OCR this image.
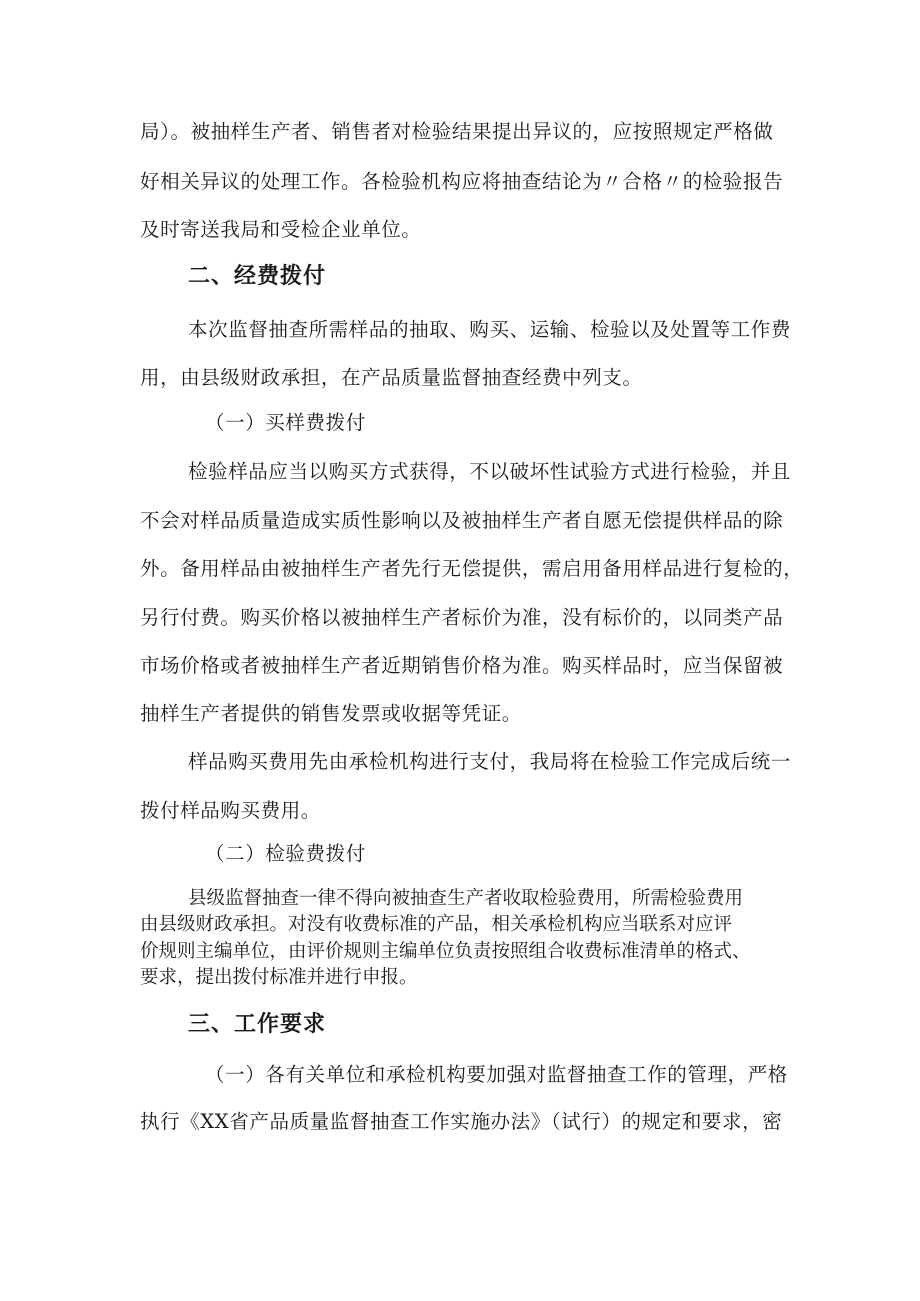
局）。被抽样生产者、销售者对检验结果提出异议的，应按照规定严格做
好相关异议的处理工作。各检验机构应将抽查结论为〃合格〃的检验报告
及时寄送我局和受检企业单位。
二、经费拨付
本次监督抽查所需样品的抽取、购买、运输、检验以及处置等工作费
用，由县级财政承担，在产品质量监督抽查经费中列支。
（一）买样费拨付
检验样品应当以购买方式获得，不以破坏性试验方式进行检验，并且
不会对样品质量造成实质性影响以及被抽样生产者自愿无偿提供样品的除
外。备用样品由被抽样生产者先行无偿提供，需启用备用样品进行复检的，
另行付费。购买价格以被抽样生产者标价为准，没有标价的，以同类产品
市场价格或者被抽样生产者近期销售价格为准。购买样品时，应当保留被
抽样生产者提供的销售发票或收据等凭证。
样品购买费用先由承检机构进行支付，我局将在检验工作完成后统一
拨付样品购买费用。
（二）检验费拨付
县级监督抽查一律不得向被抽查生产者收取检验费用，所需检验费用
由县级财政承担。对没有收费标准的产品，相关承检机构应当联系对应评
价规则主编单位，由评价规则主编单位负责按照组合收费标准清单的格式、
要求，提出拨付标准并进行申报。
三、工作要求
（一）各有关单位和承检机构要加强对监督抽查工作的管理，严格
执行《XX省产品质量监督抽查工作实施办法》（试行）的规定和要求，密
